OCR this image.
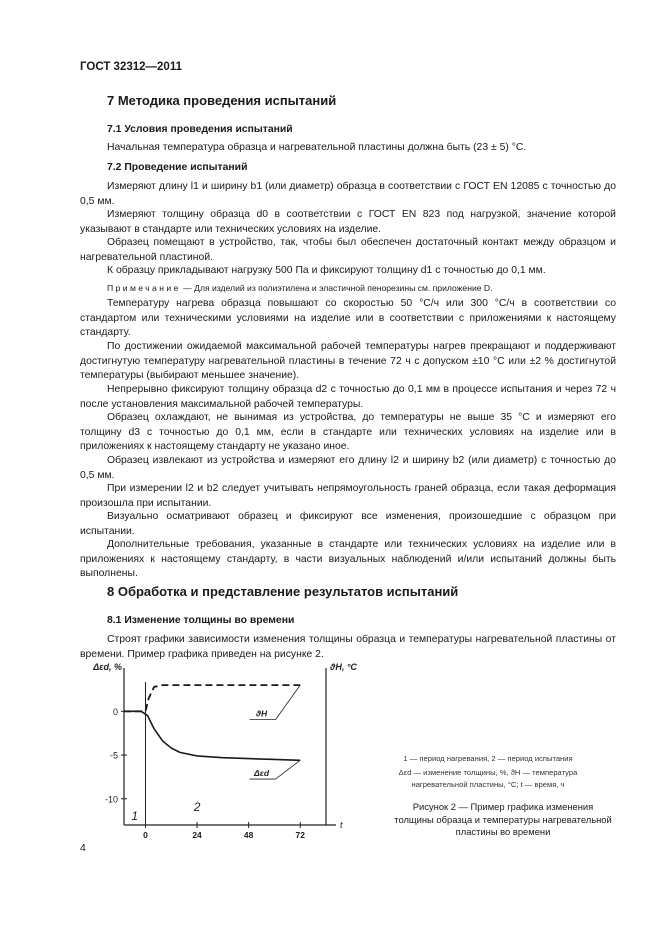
ГОСТ 32312—2011
7 Методика проведения испытаний
7.1 Условия проведения испытаний

Начальная температура образца и нагревательной пластины должна быть (23 ± 5) °С.

7.2 Проведение испытаний

Измеряют длину l1 и ширину b1 (или диаметр) образца в соответствии с ГОСТ EN 12085 с точностью до 0,5 мм.

Измеряют толщину образца d0 в соответствии с ГОСТ EN 823 под нагрузкой, значение которой указывают в стандарте или технических условиях на изделие.

Образец помещают в устройство, так, чтобы был обеспечен достаточный контакт между образцом и нагревательной пластиной.

К образцу прикладывают нагрузку 500 Па и фиксируют толщину d1 с точностью до 0,1 мм.

Примечание — Для изделий из полиэтилена и эластичной пенорезины см. приложение D.

Температуру нагрева образца повышают со скоростью 50 °С/ч или 300 °С/ч в соответствии со стандартом или техническими условиями на изделие или в соответствии с приложениями к настоящему стандарту.

По достижении ожидаемой максимальной рабочей температуры нагрев прекращают и поддерживают достигнутую температуру нагревательной пластины в течение 72 ч с допуском ±10 °С или ±2 % достигнутой температуры (выбирают меньшее значение).

Непрерывно фиксируют толщину образца d2 с точностью до 0,1 мм в процессе испытания и через 72 ч после установления максимальной рабочей температуры.

Образец охлаждают, не вынимая из устройства, до температуры не выше 35 °С и измеряют его толщину d3 с точностью до 0,1 мм, если в стандарте или технических условиях на изделие или в приложениях к настоящему стандарту не указано иное.

Образец извлекают из устройства и измеряют его длину l2 и ширину b2 (или диаметр) с точностью до 0,5 мм.

При измерении l2 и b2 следует учитывать непрямоугольность граней образца, если такая деформация произошла при испытании.

Визуально осматривают образец и фиксируют все изменения, произошедшие с образцом при испытании.

Дополнительные требования, указанные в стандарте или технических условиях на изделие или в приложениях к настоящему стандарту, в части визуальных наблюдений и/или испытаний должны быть выполнены.

8 Обработка и представление результатов испытаний
8.1 Изменение толщины во времени

Строят графики зависимости изменения толщины образца и температуры нагревательной пластины от времени. Пример графика приведен на рисунке 2.

0
-5
-10
0	24	48	72
Δεd, %	ϑH, °C
t
1
2
ϑH
Δεd

1 — период нагревания, 2 — период испытания

Δεd — изменение толщины, %, ϑH — температура

нагревательной пластины, °С; t — время, ч

Рисунок 2 — Пример графика изменения толщины образца и температуры нагревательной пластины во времени

4
